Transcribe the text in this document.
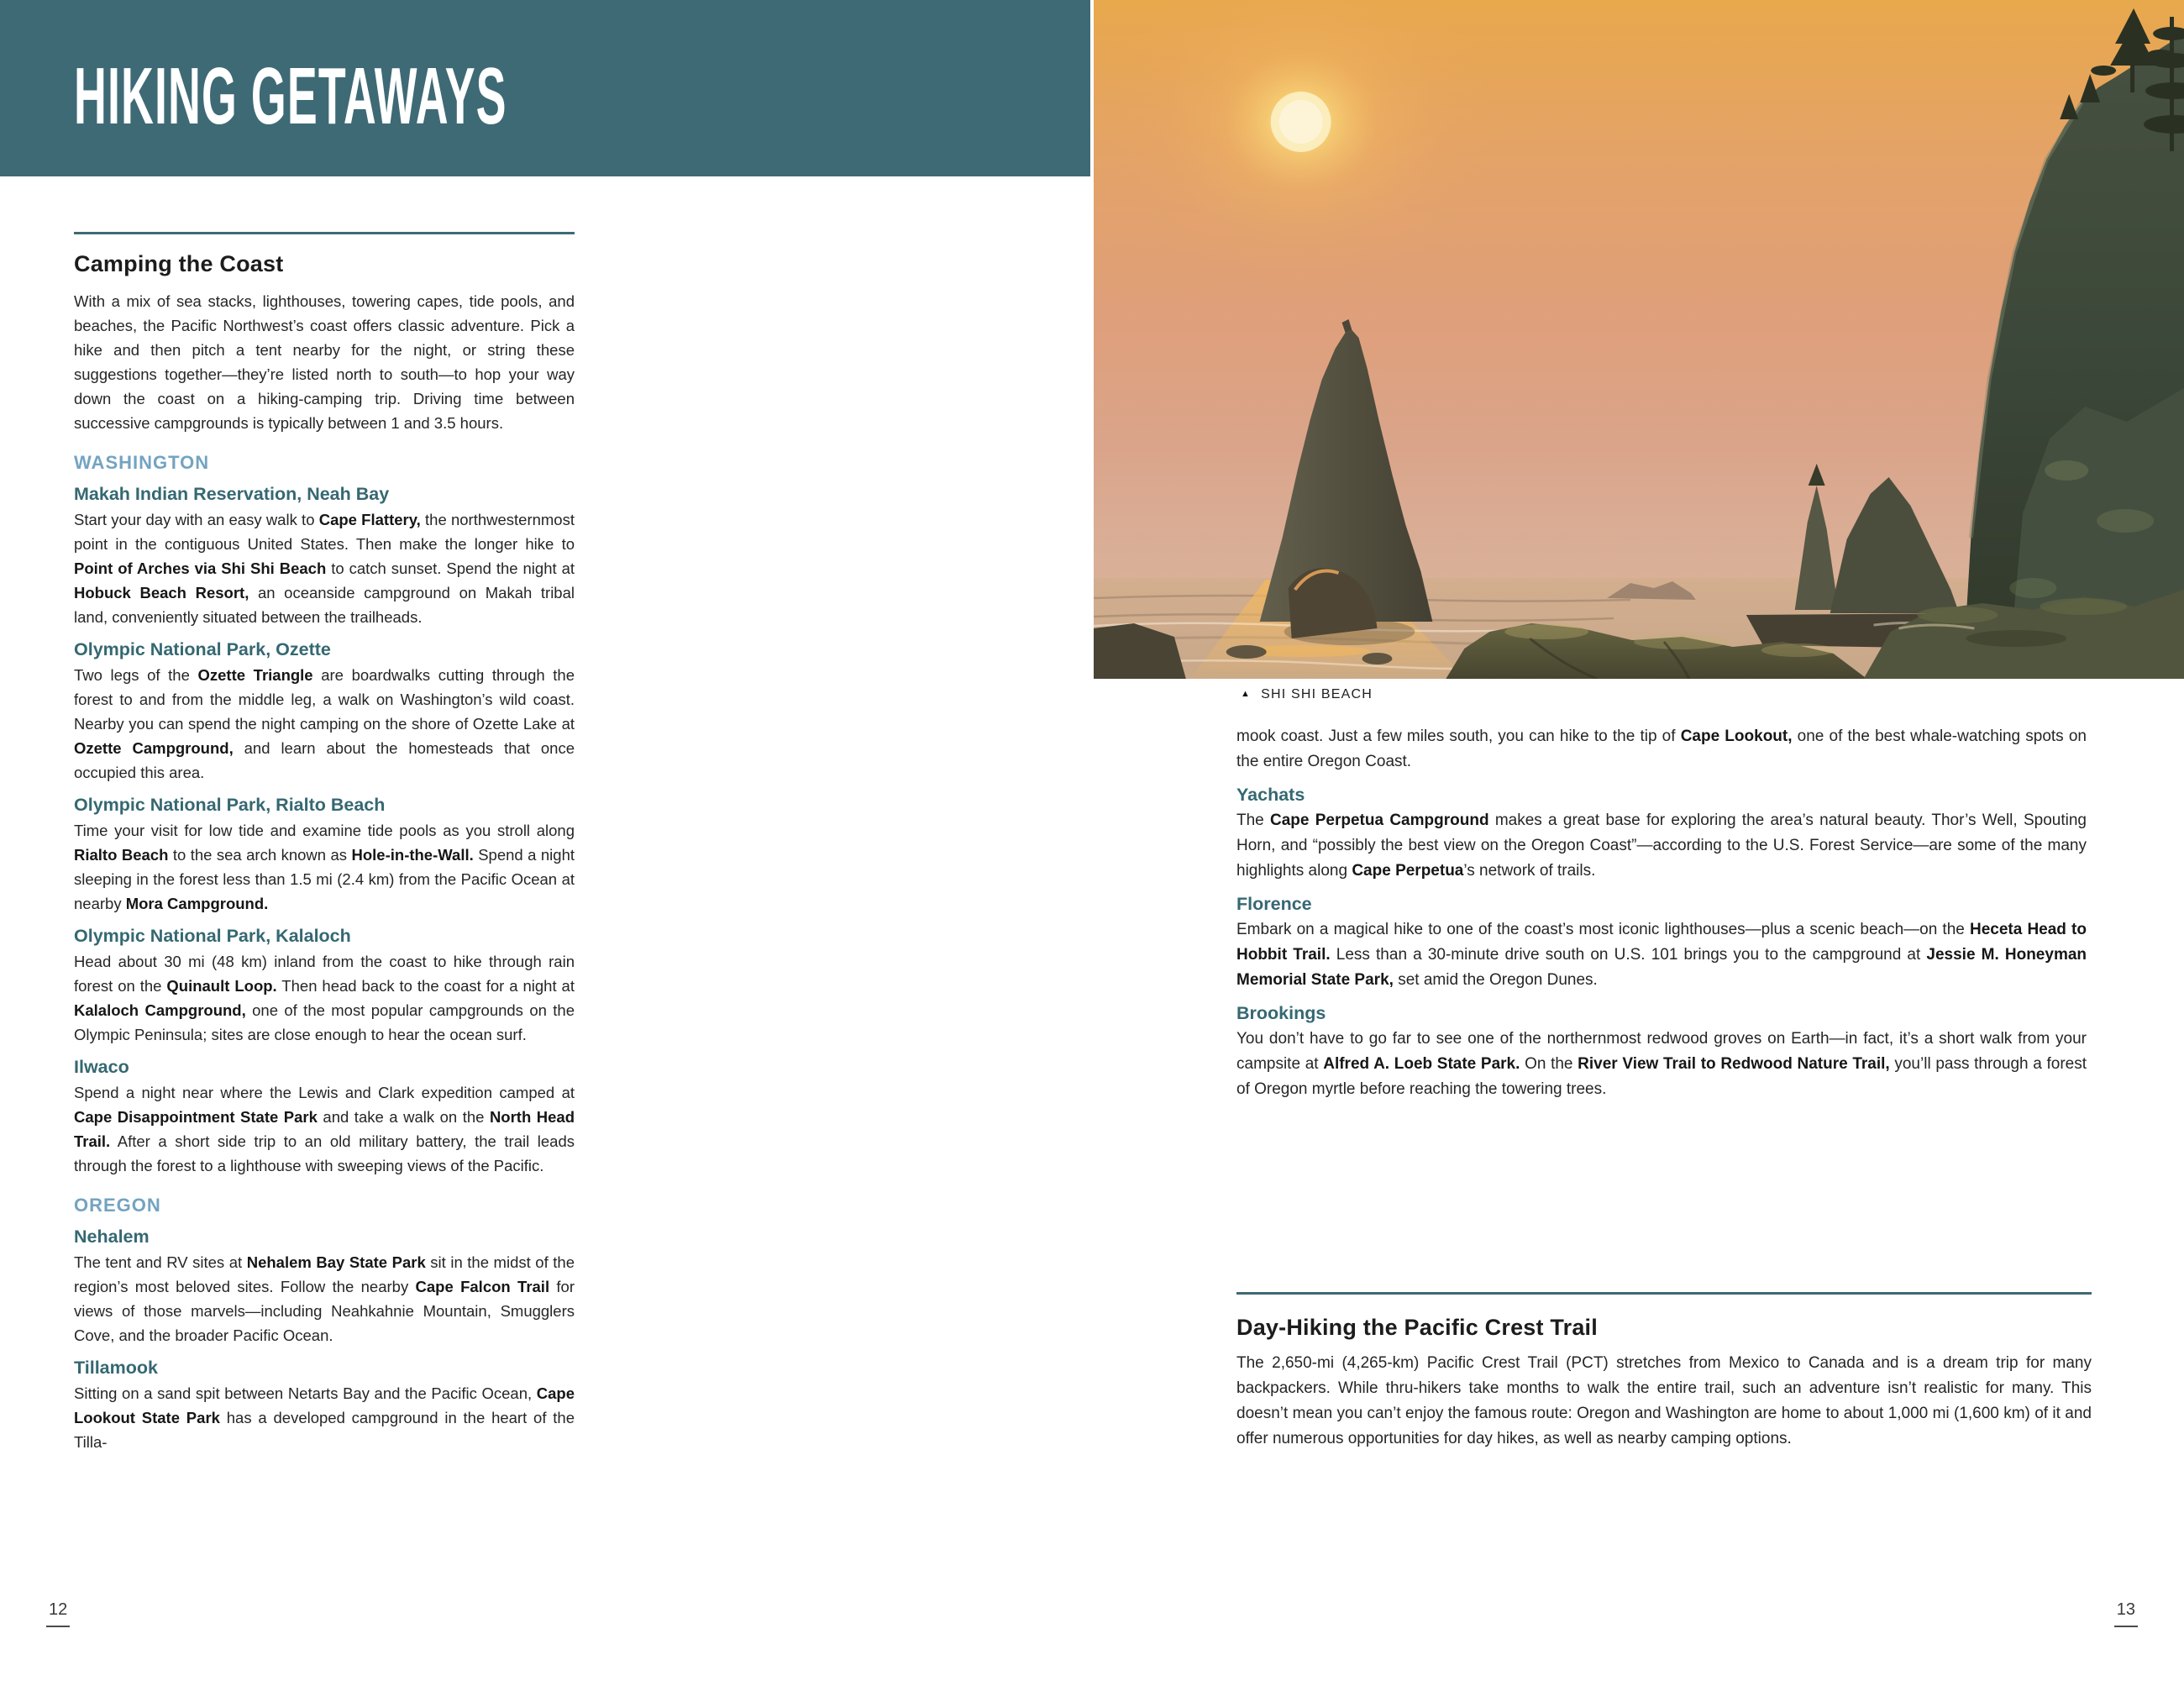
HIKING GETAWAYS
Camping the Coast

With a mix of sea stacks, lighthouses, towering capes, tide pools, and beaches, the Pacific Northwest’s coast offers classic adventure. Pick a hike and then pitch a tent nearby for the night, or string these suggestions together—they’re listed north to south—to hop your way down the coast on a hiking-camping trip. Driving time between successive campgrounds is typically between 1 and 3.5 hours.

WASHINGTON
Makah Indian Reservation, Neah Bay

Start your day with an easy walk to Cape Flattery, the northwesternmost point in the contiguous United States. Then make the longer hike to Point of Arches via Shi Shi Beach to catch sunset. Spend the night at Hobuck Beach Resort, an oceanside campground on Makah tribal land, conveniently situated between the trailheads.

Olympic National Park, Ozette

Two legs of the Ozette Triangle are boardwalks cutting through the forest to and from the middle leg, a walk on Washington’s wild coast. Nearby you can spend the night camping on the shore of Ozette Lake at Ozette Campground, and learn about the homesteads that once occupied this area.

Olympic National Park, Rialto Beach

Time your visit for low tide and examine tide pools as you stroll along Rialto Beach to the sea arch known as Hole-in-the-Wall. Spend a night sleeping in the forest less than 1.5 mi (2.4 km) from the Pacific Ocean at nearby Mora Campground.

Olympic National Park, Kalaloch

Head about 30 mi (48 km) inland from the coast to hike through rain forest on the Quinault Loop. Then head back to the coast for a night at Kalaloch Campground, one of the most popular campgrounds on the Olympic Peninsula; sites are close enough to hear the ocean surf.

Ilwaco

Spend a night near where the Lewis and Clark expedition camped at Cape Disappointment State Park and take a walk on the North Head Trail. After a short side trip to an old military battery, the trail leads through the forest to a lighthouse with sweeping views of the Pacific.

OREGON
Nehalem

The tent and RV sites at Nehalem Bay State Park sit in the midst of the region’s most beloved sites. Follow the nearby Cape Falcon Trail for views of those marvels—including Neahkahnie Mountain, Smugglers Cove, and the broader Pacific Ocean.

Tillamook

Sitting on a sand spit between Netarts Bay and the Pacific Ocean, Cape Lookout State Park has a developed campground in the heart of the Tilla-

▲ SHI SHI BEACH

mook coast. Just a few miles south, you can hike to the tip of Cape Lookout, one of the best whale-watching spots on the entire Oregon Coast.

Yachats

The Cape Perpetua Campground makes a great base for exploring the area’s natural beauty. Thor’s Well, Spouting Horn, and “possibly the best view on the Oregon Coast”—according to the U.S. Forest Service—are some of the many highlights along Cape Perpetua’s network of trails.

Florence

Embark on a magical hike to one of the coast’s most iconic lighthouses—plus a scenic beach—on the Heceta Head to Hobbit Trail. Less than a 30-minute drive south on U.S. 101 brings you to the campground at Jessie M. Honeyman Memorial State Park, set amid the Oregon Dunes.

Brookings

You don’t have to go far to see one of the northernmost redwood groves on Earth—in fact, it’s a short walk from your campsite at Alfred A. Loeb State Park. On the River View Trail to Redwood Nature Trail, you’ll pass through a forest of Oregon myrtle before reaching the towering trees.

Day-Hiking the Pacific Crest Trail

The 2,650-mi (4,265-km) Pacific Crest Trail (PCT) stretches from Mexico to Canada and is a dream trip for many backpackers. While thru-hikers take months to walk the entire trail, such an adventure isn’t realistic for many. This doesn’t mean you can’t enjoy the famous route: Oregon and Washington are home to about 1,000 mi (1,600 km) of it and offer numerous opportunities for day hikes, as well as nearby camping options.

12	13
